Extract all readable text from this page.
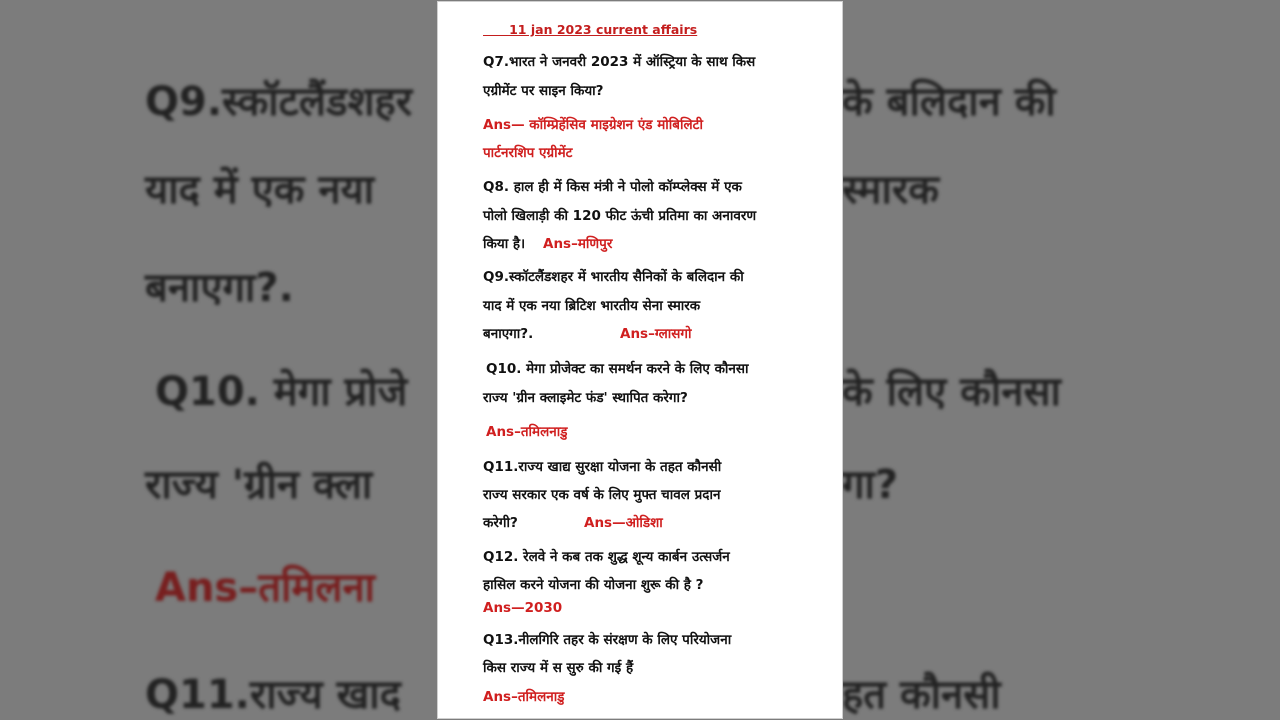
Q9.स्कॉटलैंडशहर	के बलिदान की
याद में एक नया	स्मारक
बनाएगा?.
Q10. मेगा प्रोजे	के लिए कौनसा
राज्य 'ग्रीन क्ला	गा?
Ans–तमिलना
Q11.राज्य खाद	हत कौनसी
11 jan 2023 current affairs
Q7.भारत ने जनवरी 2023 में ऑस्ट्रिया के साथ किस
एग्रीमेंट पर साइन किया?
Ans— कॉम्प्रिहेंसिव माइग्रेशन एंड मोबिलिटी
पार्टनरशिप एग्रीमेंट
Q8. हाल ही में किस मंत्री ने पोलो कॉम्प्लेक्स में एक
पोलो खिलाड़ी की 120 फीट ऊंची प्रतिमा का अनावरण
किया है। Ans–मणिपुर
Q9.स्कॉटलैंडशहर में भारतीय सैनिकों के बलिदान की
याद में एक नया ब्रिटिश भारतीय सेना स्मारक
बनाएगा?.	Ans–ग्लासगो
Q10. मेगा प्रोजेक्ट का समर्थन करने के लिए कौनसा
राज्य 'ग्रीन क्लाइमेट फंड' स्थापित करेगा?
Ans–तमिलनाडु
Q11.राज्य खाद्य सुरक्षा योजना के तहत कौनसी
राज्य सरकार एक वर्ष के लिए मुफ्त चावल प्रदान
करेगी?	Ans—ओडिशा
Q12. रेलवे ने कब तक शुद्ध शून्य कार्बन उत्सर्जन
हासिल करने योजना की योजना शुरू की है ?
Ans—2030
Q13.नीलगिरि तहर के संरक्षण के लिए परियोजना
किस राज्य में स सुरु की गई हैं
Ans–तमिलनाडु
